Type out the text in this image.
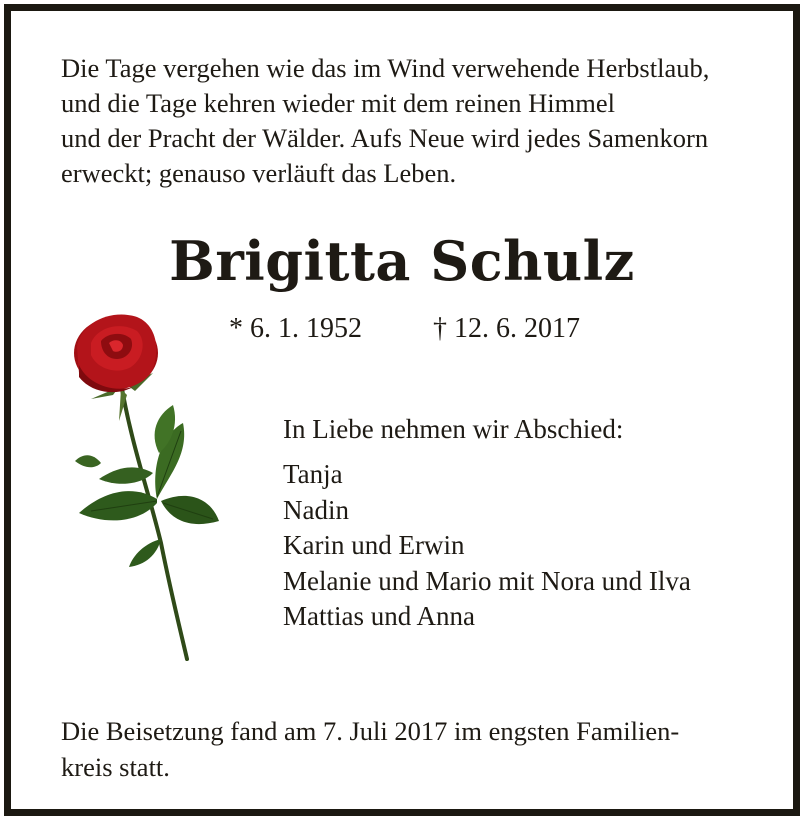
Die Tage vergehen wie das im Wind verwehende Herbstlaub,
und die Tage kehren wieder mit dem reinen Himmel
und der Pracht der Wälder. Aufs Neue wird jedes Samenkorn
erweckt; genauso verläuft das Leben.

Brigitta Schulz

* 6. 1. 1952	† 12. 6. 2017

In Liebe nehmen wir Abschied:

Tanja
Nadin
Karin und Erwin
Melanie und Mario mit Nora und Ilva
Mattias und Anna

Die Beisetzung fand am 7. Juli 2017 im engsten Familien-
kreis statt.
